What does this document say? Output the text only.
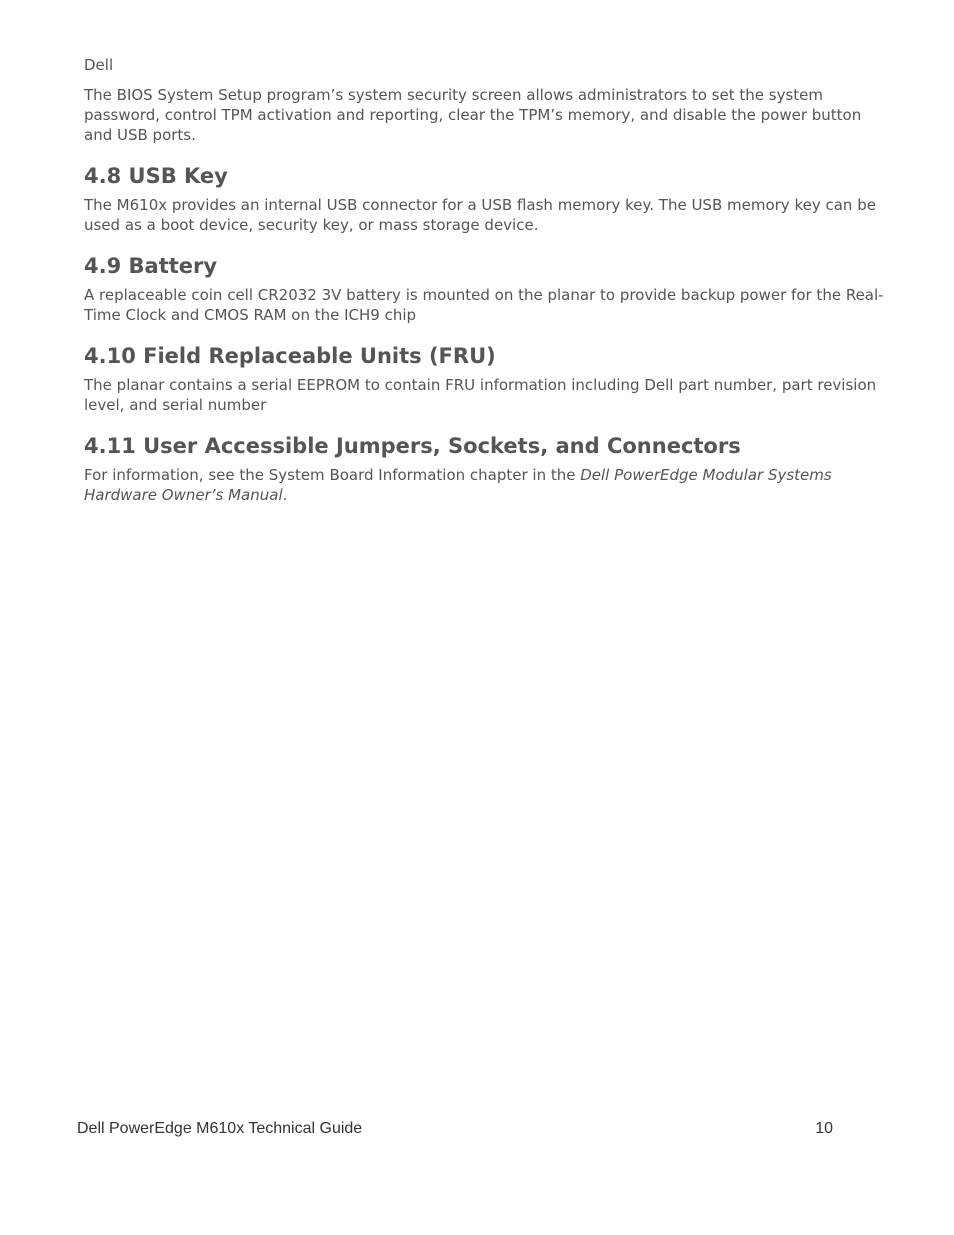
Dell

The BIOS System Setup program’s system security screen allows administrators to set the system password, control TPM activation and reporting, clear the TPM’s memory, and disable the power button and USB ports.

4.8 USB Key

The M610x provides an internal USB connector for a USB flash memory key. The USB memory key can be used as a boot device, security key, or mass storage device.

4.9 Battery

A replaceable coin cell CR2032 3V battery is mounted on the planar to provide backup power for the Real-Time Clock and CMOS RAM on the ICH9 chip

4.10 Field Replaceable Units (FRU)

The planar contains a serial EEPROM to contain FRU information including Dell part number, part revision level, and serial number

4.11 User Accessible Jumpers, Sockets, and Connectors

For information, see the System Board Information chapter in the Dell PowerEdge Modular Systems Hardware Owner’s Manual.

Dell PowerEdge M610x Technical Guide	10
